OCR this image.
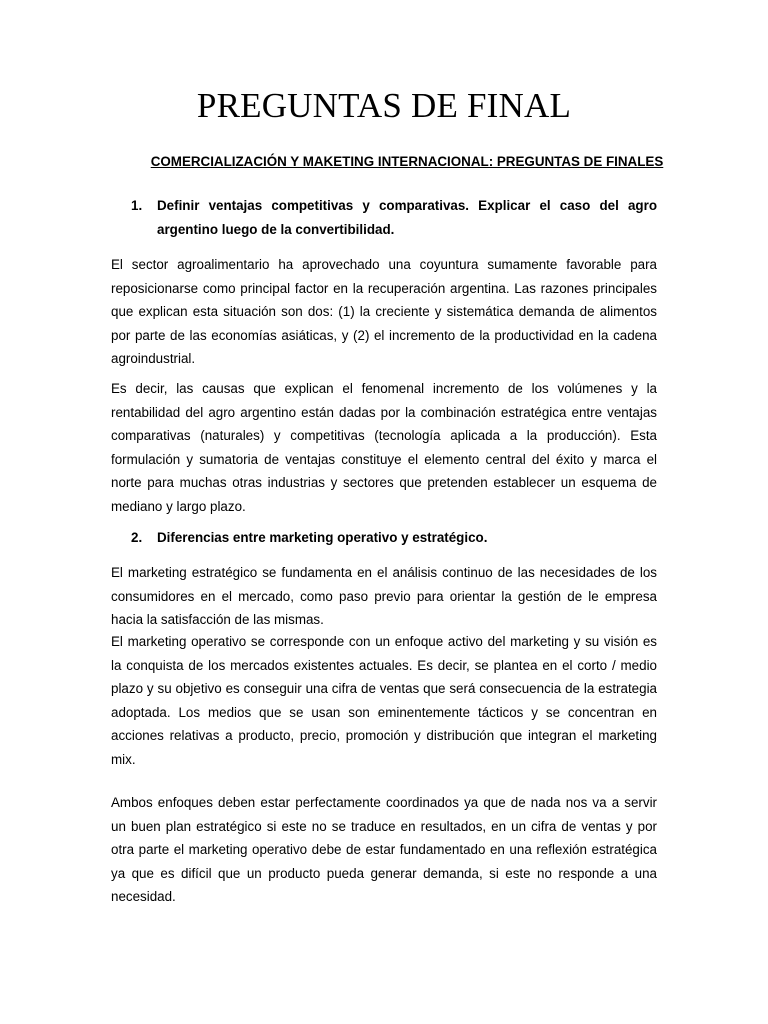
PREGUNTAS DE FINAL
COMERCIALIZACIÓN Y MAKETING INTERNACIONAL: PREGUNTAS DE FINALES
1. Definir ventajas competitivas y comparativas. Explicar el caso del agro argentino luego de la convertibilidad.

El sector agroalimentario ha aprovechado una coyuntura sumamente favorable para reposicionarse como principal factor en la recuperación argentina. Las razones principales que explican esta situación son dos: (1) la creciente y sistemática demanda de alimentos por parte de las economías asiáticas, y (2) el incremento de la productividad en la cadena agroindustrial.

Es decir, las causas que explican el fenomenal incremento de los volúmenes y la rentabilidad del agro argentino están dadas por la combinación estratégica entre ventajas comparativas (naturales) y competitivas (tecnología aplicada a la producción). Esta formulación y sumatoria de ventajas constituye el elemento central del éxito y marca el norte para muchas otras industrias y sectores que pretenden establecer un esquema de mediano y largo plazo.

2. Diferencias entre marketing operativo y estratégico.

El marketing estratégico se fundamenta en el análisis continuo de las necesidades de los consumidores en el mercado, como paso previo para orientar la gestión de le empresa hacia la satisfacción de las mismas.

El marketing operativo se corresponde con un enfoque activo del marketing y su visión es la conquista de los mercados existentes actuales. Es decir, se plantea en el corto / medio plazo y su objetivo es conseguir una cifra de ventas que será consecuencia de la estrategia adoptada. Los medios que se usan son eminentemente tácticos y se concentran en acciones relativas a producto, precio, promoción y distribución que integran el marketing mix.

Ambos enfoques deben estar perfectamente coordinados ya que de nada nos va a servir un buen plan estratégico si este no se traduce en resultados, en un cifra de ventas y por otra parte el marketing operativo debe de estar fundamentado en una reflexión estratégica ya que es difícil que un producto pueda generar demanda, si este no responde a una necesidad.
